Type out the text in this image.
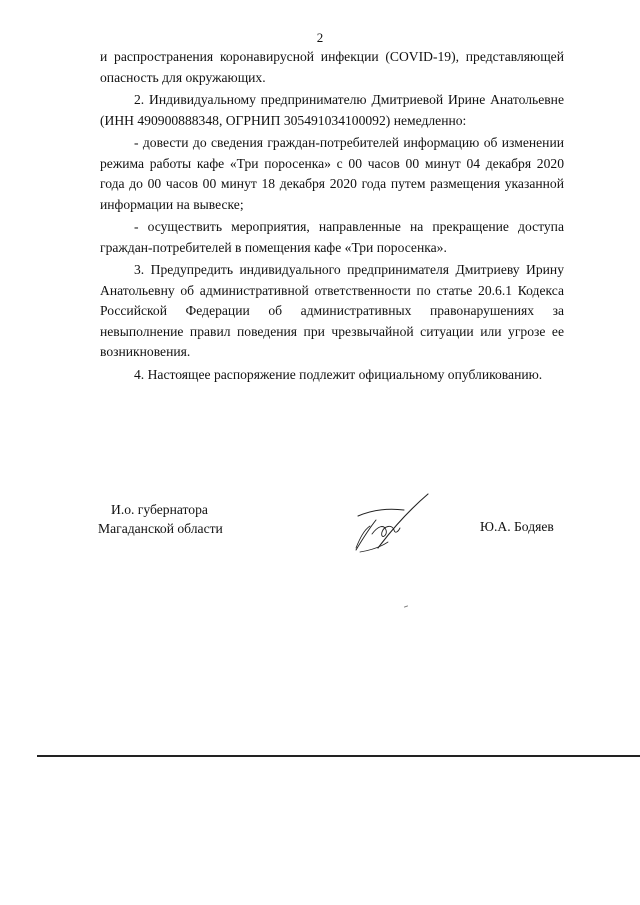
2

и распространения коронавирусной инфекции (COVID-19), представляющей опасность для окружающих.

2. Индивидуальному предпринимателю Дмитриевой Ирине Анатольевне (ИНН 490900888348, ОГРНИП 305491034100092) немедленно:

- довести до сведения граждан-потребителей информацию об изменении режима работы кафе «Три поросенка» с 00 часов 00 минут 04 декабря 2020 года до 00 часов 00 минут 18 декабря 2020 года путем размещения указанной информации на вывеске;

- осуществить мероприятия, направленные на прекращение доступа граждан-потребителей в помещения кафе «Три поросенка».

3. Предупредить индивидуального предпринимателя Дмитриеву Ирину Анатольевну об административной ответственности по статье 20.6.1 Кодекса Российской Федерации об административных правонарушениях за невыполнение правил поведения при чрезвычайной ситуации или угрозе ее возникновения.

4. Настоящее распоряжение подлежит официальному опубликованию.

И.о. губернатора
Магаданской области	Ю.А. Бодяев
